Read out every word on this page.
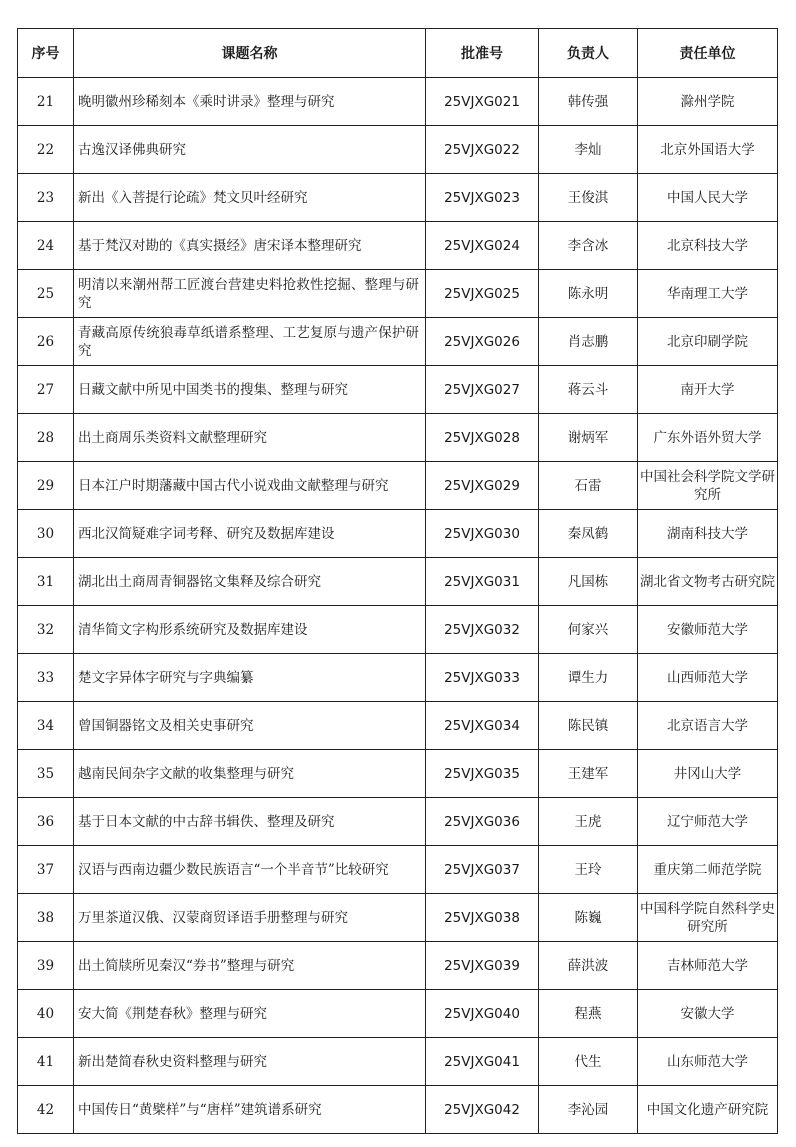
序号	课题名称	批准号	负责人	责任单位
21	晚明徽州珍稀刻本《乘时讲录》整理与研究	25VJXG021	韩传强	滁州学院
22	古逸汉译佛典研究	25VJXG022	李灿	北京外国语大学
23	新出《入菩提行论疏》梵文贝叶经研究	25VJXG023	王俊淇	中国人民大学
24	基于梵汉对勘的《真实摄经》唐宋译本整理研究	25VJXG024	李含冰	北京科技大学
25	明清以来潮州帮工匠渡台营建史料抢救性挖掘、整理与研究	25VJXG025	陈永明	华南理工大学
26	青藏高原传统狼毒草纸谱系整理、工艺复原与遗产保护研究	25VJXG026	肖志鹏	北京印刷学院
27	日藏文献中所见中国类书的搜集、整理与研究	25VJXG027	蒋云斗	南开大学
28	出土商周乐类资料文献整理研究	25VJXG028	谢炳军	广东外语外贸大学
29	日本江户时期藩藏中国古代小说戏曲文献整理与研究	25VJXG029	石雷	中国社会科学院文学研究所
30	西北汉简疑难字词考释、研究及数据库建设	25VJXG030	秦凤鹤	湖南科技大学
31	湖北出土商周青铜器铭文集释及综合研究	25VJXG031	凡国栋	湖北省文物考古研究院
32	清华简文字构形系统研究及数据库建设	25VJXG032	何家兴	安徽师范大学
33	楚文字异体字研究与字典编纂	25VJXG033	谭生力	山西师范大学
34	曾国铜器铭文及相关史事研究	25VJXG034	陈民镇	北京语言大学
35	越南民间杂字文献的收集整理与研究	25VJXG035	王建军	井冈山大学
36	基于日本文献的中古辞书辑佚、整理及研究	25VJXG036	王虎	辽宁师范大学
37	汉语与西南边疆少数民族语言“一个半音节”比较研究	25VJXG037	王玲	重庆第二师范学院
38	万里茶道汉俄、汉蒙商贸译语手册整理与研究	25VJXG038	陈巍	中国科学院自然科学史研究所
39	出土简牍所见秦汉“券书”整理与研究	25VJXG039	薛洪波	吉林师范大学
40	安大简《荆楚春秋》整理与研究	25VJXG040	程燕	安徽大学
41	新出楚简春秋史资料整理与研究	25VJXG041	代生	山东师范大学
42	中国传日“黄檗样”与“唐样”建筑谱系研究	25VJXG042	李沁园	中国文化遗产研究院
